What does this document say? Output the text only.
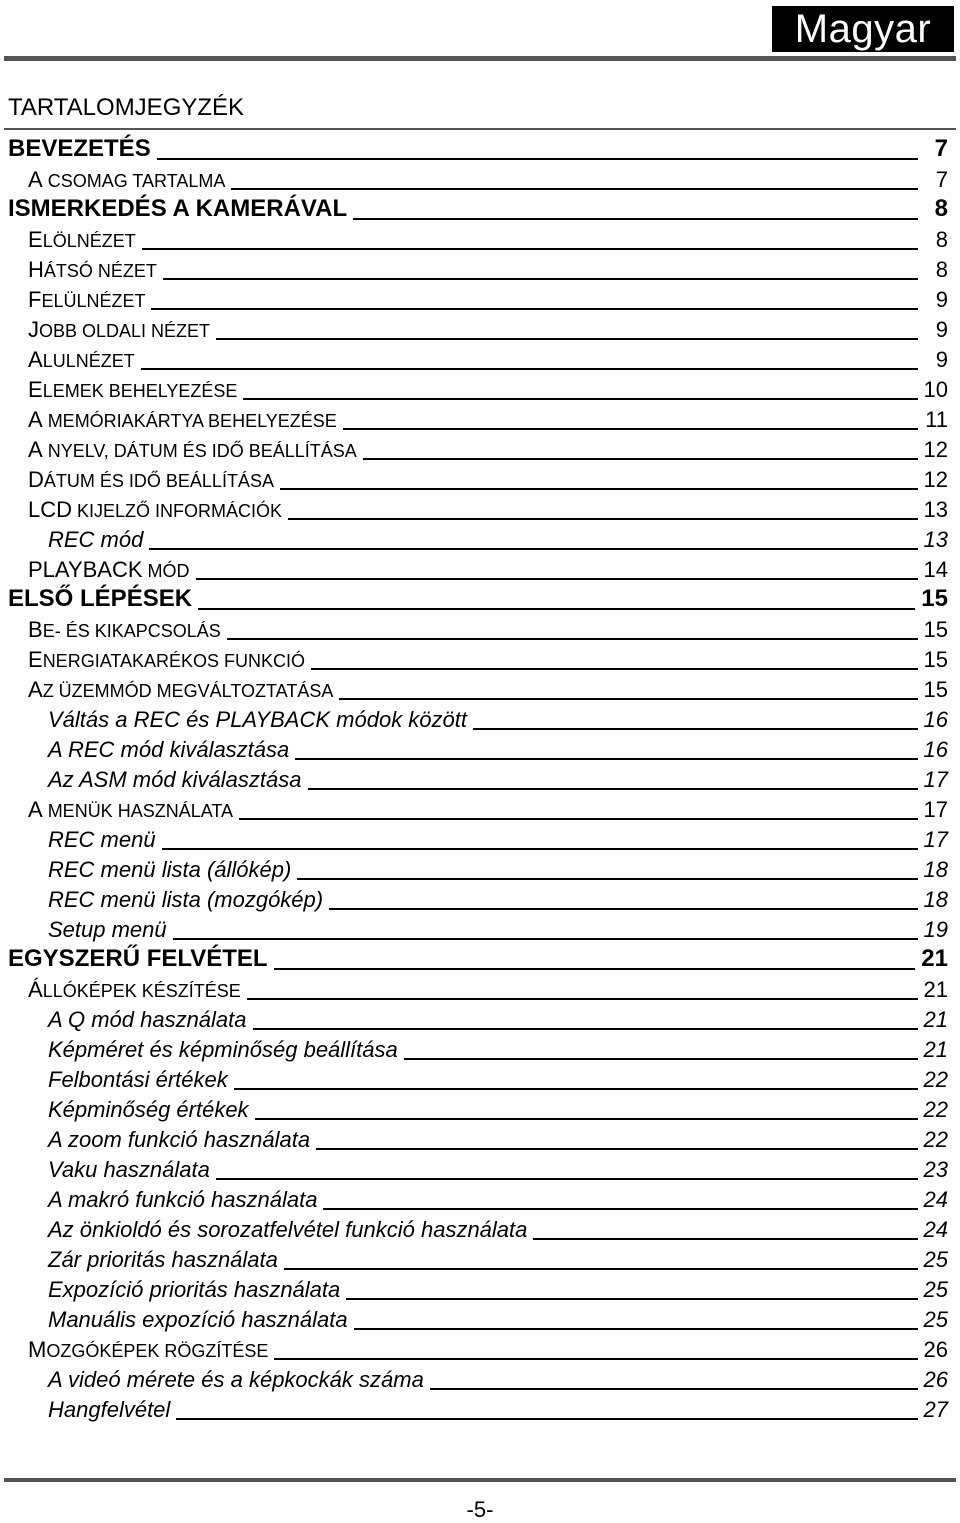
Magyar
TARTALOMJEGYZÉK
BEVEZETÉS	7
A CSOMAG TARTALMA	7
ISMERKEDÉS A KAMERÁVAL	8
ELÖLNÉZET	8
HÁTSÓ NÉZET	8
FELÜLNÉZET	9
JOBB OLDALI NÉZET	9
ALULNÉZET	9
ELEMEK BEHELYEZÉSE	10
A MEMÓRIAKÁRTYA BEHELYEZÉSE	11
A NYELV, DÁTUM ÉS IDŐ BEÁLLÍTÁSA	12
DÁTUM ÉS IDŐ BEÁLLÍTÁSA	12
LCD KIJELZŐ INFORMÁCIÓK	13
REC mód	13
PLAYBACK MÓD	14
ELSŐ LÉPÉSEK	15
BE- ÉS KIKAPCSOLÁS	15
ENERGIATAKARÉKOS FUNKCIÓ	15
AZ ÜZEMMÓD MEGVÁLTOZTATÁSA	15
Váltás a REC és PLAYBACK módok között	16
A REC mód kiválasztása	16
Az ASM mód kiválasztása	17
A MENÜK HASZNÁLATA	17
REC menü	17
REC menü lista (állókép)	18
REC menü lista (mozgókép)	18
Setup menü	19
EGYSZERŰ FELVÉTEL	21
ÁLLÓKÉPEK KÉSZÍTÉSE	21
A Q mód használata	21
Képméret és képminőség beállítása	21
Felbontási értékek	22
Képminőség értékek	22
A zoom funkció használata	22
Vaku használata	23
A makró funkció használata	24
Az önkioldó és sorozatfelvétel funkció használata	24
Zár prioritás használata	25
Expozíció prioritás használata	25
Manuális expozíció használata	25
MOZGÓKÉPEK RÖGZÍTÉSE	26
A videó mérete és a képkockák száma	26
Hangfelvétel	27
-5-
